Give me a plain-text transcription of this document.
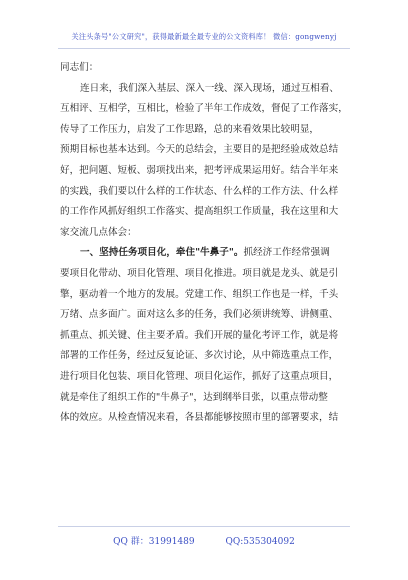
关注头条号"公文研究"，获得最新最全最专业的公文资料库！ 微信：gongwenyj
同志们：
连日来，我们深入基层、深入一线、深入现场，通过互相看、
互相评、互相学，互相比，检验了半年工作成效，督促了工作落实，
传导了工作压力，启发了工作思路，总的来看效果比较明显，
预期目标也基本达到。今天的总结会，主要目的是把经验成效总结
好，把问题、短板、弱项找出来，把考评成果运用好。结合半年来
的实践，我们要以什么样的工作状态、什么样的工作方法、什么样
的工作作风抓好组织工作落实、提高组织工作质量，我在这里和大
家交流几点体会：
一、坚持任务项目化，牵住"牛鼻子"。抓经济工作经常强调
要项目化带动、项目化管理、项目化推进。项目就是龙头、就是引
擎，驱动着一个地方的发展。党建工作、组织工作也是一样，千头
万绪、点多面广。面对这么多的任务，我们必须讲统筹、讲侧重、
抓重点、抓关键、住主要矛盾。我们开展的量化考评工作，就是将
部署的工作任务，经过反复论证、多次讨论，从中筛选重点工作，
进行项目化包装、项目化管理、项目化运作，抓好了这重点项目，
就是牵住了组织工作的"牛鼻子"，达到纲举目张，以重点带动整
体的效应。从检查情况来看，各县都能够按照市里的部署要求，结
QQ 群：31991489	QQ:535304092
